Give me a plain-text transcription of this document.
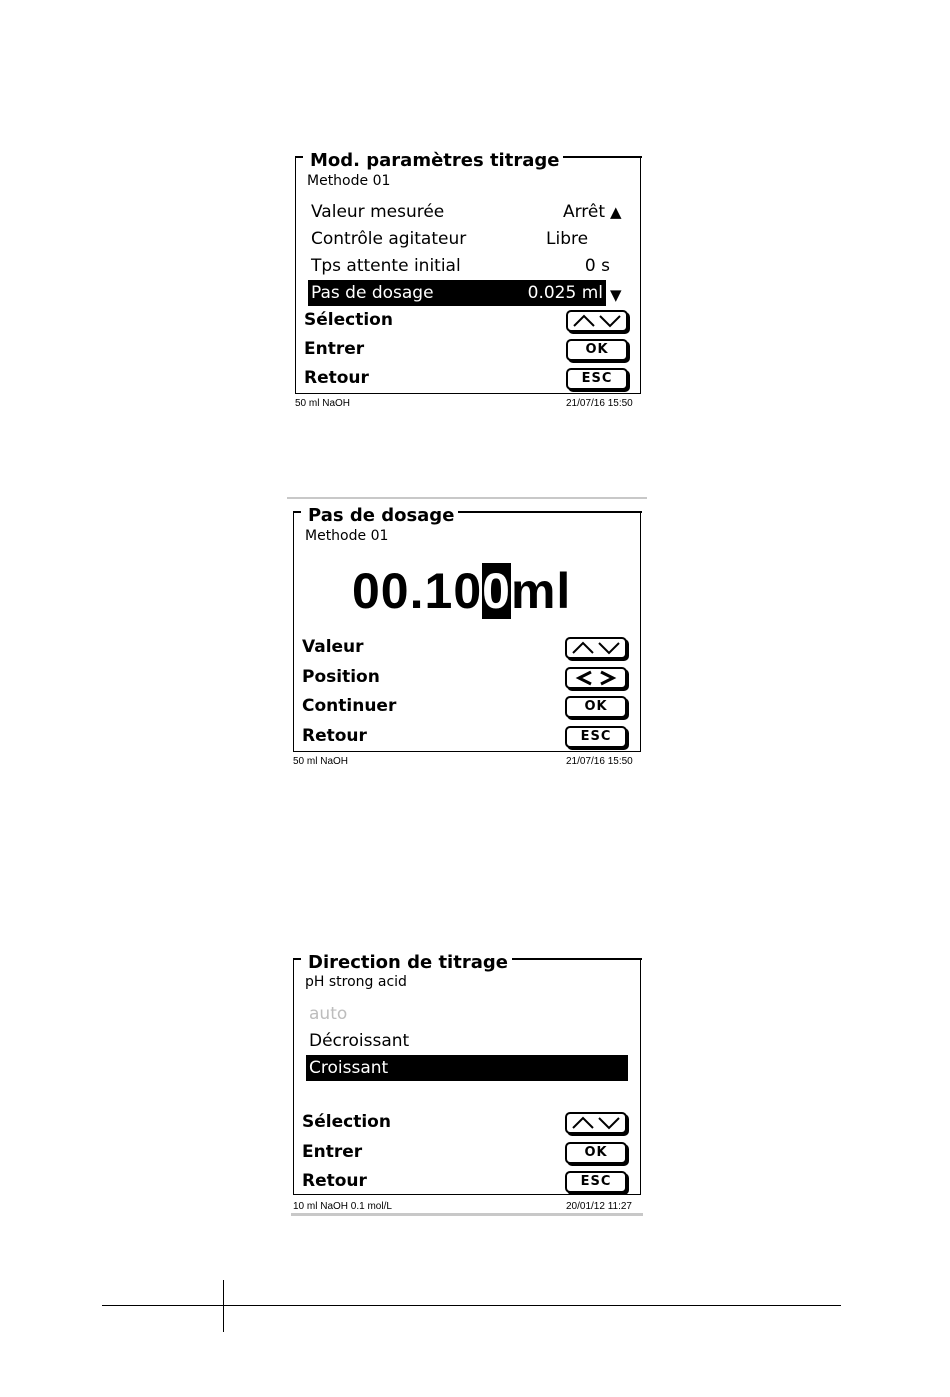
Mod. paramètres titrage
Methode 01
Valeur mesurée	Arrêt ▲
Contrôle agitateur	Libre
Tps attente initial	0 s
Pas de dosage	0.025 ml ▼
Sélection
Entrer	OK
Retour	ESC
50 ml NaOH	21/07/16 15:50
Pas de dosage
Methode 01
00.100ml
Valeur
Position
Continuer	OK
Retour	ESC
50 ml NaOH	21/07/16 15:50
Direction de titrage
pH strong acid
auto
Décroissant
Croissant
Sélection
Entrer	OK
Retour	ESC
10 ml NaOH 0.1 mol/L	20/01/12 11:27
